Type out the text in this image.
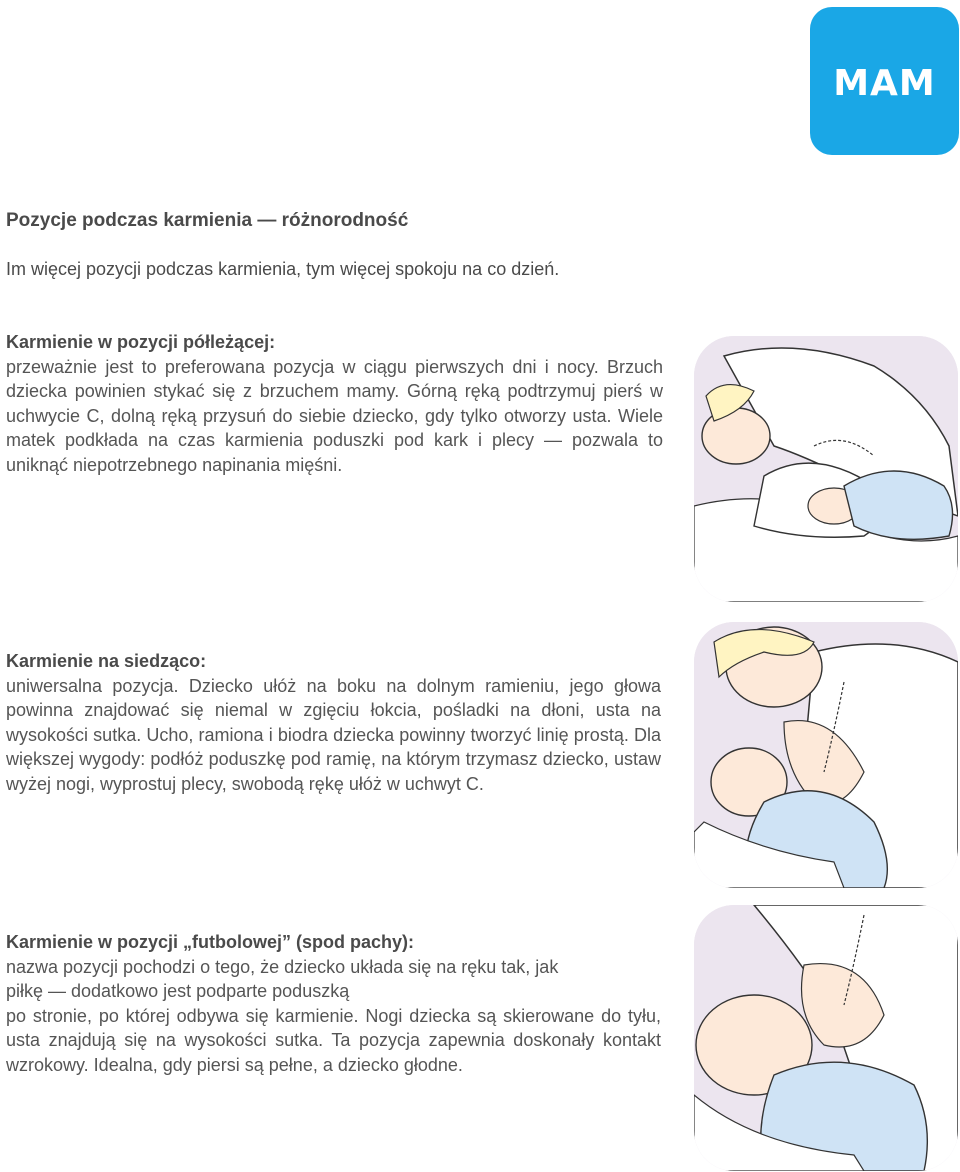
MAM
Pozycje podczas karmienia — różnorodność
Im więcej pozycji podczas karmienia, tym więcej spokoju na co dzień.
Karmienie w pozycji półleżącej:

przeważnie jest to preferowana pozycja w ciągu pierwszych dni i nocy. Brzuch dziecka powinien stykać się z brzuchem mamy. Górną ręką podtrzymuj pierś w uchwycie C, dolną ręką przysuń do siebie dziecko, gdy tylko otworzy usta. Wiele matek podkłada na czas karmienia poduszki pod kark i plecy — pozwala to uniknąć niepotrzebnego napinania mięśni.

Karmienie na siedząco:

uniwersalna pozycja. Dziecko ułóż na boku na dolnym ramieniu, jego głowa powinna znajdować się niemal w zgięciu łokcia, pośladki na dłoni, usta na wysokości sutka. Ucho, ramiona i biodra dziecka powinny tworzyć linię prostą. Dla większej wygody: podłóż poduszkę pod ramię, na którym trzymasz dziecko, ustaw wyżej nogi, wyprostuj plecy, swobodą rękę ułóż w uchwyt C.

Karmienie w pozycji „futbolowej” (spod pachy):

nazwa pozycji pochodzi o tego, że dziecko układa się na ręku tak, jak

piłkę — dodatkowo jest podparte poduszką

po stronie, po której odbywa się karmienie. Nogi dziecka są skierowane do tyłu, usta znajdują się na wysokości sutka. Ta pozycja zapewnia doskonały kontakt wzrokowy. Idealna, gdy piersi są pełne, a dziecko głodne.
